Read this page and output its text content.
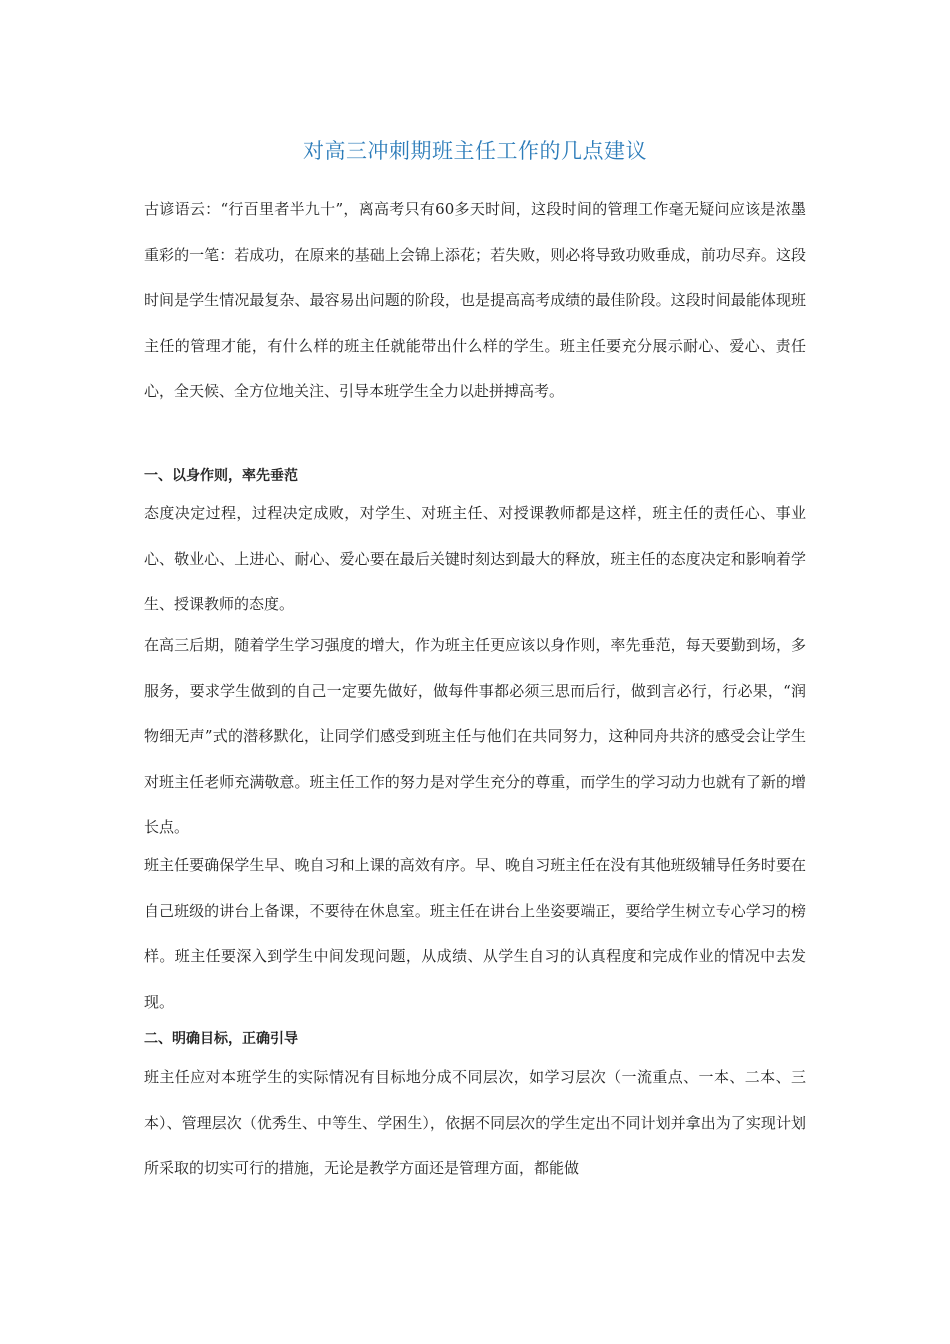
对高三冲刺期班主任工作的几点建议

古谚语云：“行百里者半九十”，离高考只有60多天时间，这段时间的管理工作毫无疑问应该是浓墨重彩的一笔：若成功，在原来的基础上会锦上添花；若失败，则必将导致功败垂成，前功尽弃。这段时间是学生情况最复杂、最容易出问题的阶段，也是提高高考成绩的最佳阶段。这段时间最能体现班主任的管理才能，有什么样的班主任就能带出什么样的学生。班主任要充分展示耐心、爱心、责任心，全天候、全方位地关注、引导本班学生全力以赴拼搏高考。

一、以身作则，率先垂范

态度决定过程，过程决定成败，对学生、对班主任、对授课教师都是这样，班主任的责任心、事业心、敬业心、上进心、耐心、爱心要在最后关键时刻达到最大的释放，班主任的态度决定和影响着学生、授课教师的态度。

在高三后期，随着学生学习强度的增大，作为班主任更应该以身作则，率先垂范，每天要勤到场，多服务，要求学生做到的自己一定要先做好，做每件事都必须三思而后行，做到言必行，行必果，“润物细无声”式的潜移默化，让同学们感受到班主任与他们在共同努力，这种同舟共济的感受会让学生对班主任老师充满敬意。班主任工作的努力是对学生充分的尊重，而学生的学习动力也就有了新的增长点。

班主任要确保学生早、晚自习和上课的高效有序。早、晚自习班主任在没有其他班级辅导任务时要在自己班级的讲台上备课，不要待在休息室。班主任在讲台上坐姿要端正，要给学生树立专心学习的榜样。班主任要深入到学生中间发现问题，从成绩、从学生自习的认真程度和完成作业的情况中去发现。

二、明确目标，正确引导

班主任应对本班学生的实际情况有目标地分成不同层次，如学习层次（一流重点、一本、二本、三本）、管理层次（优秀生、中等生、学困生），依据不同层次的学生定出不同计划并拿出为了实现计划所采取的切实可行的措施，无论是教学方面还是管理方面，都能做
